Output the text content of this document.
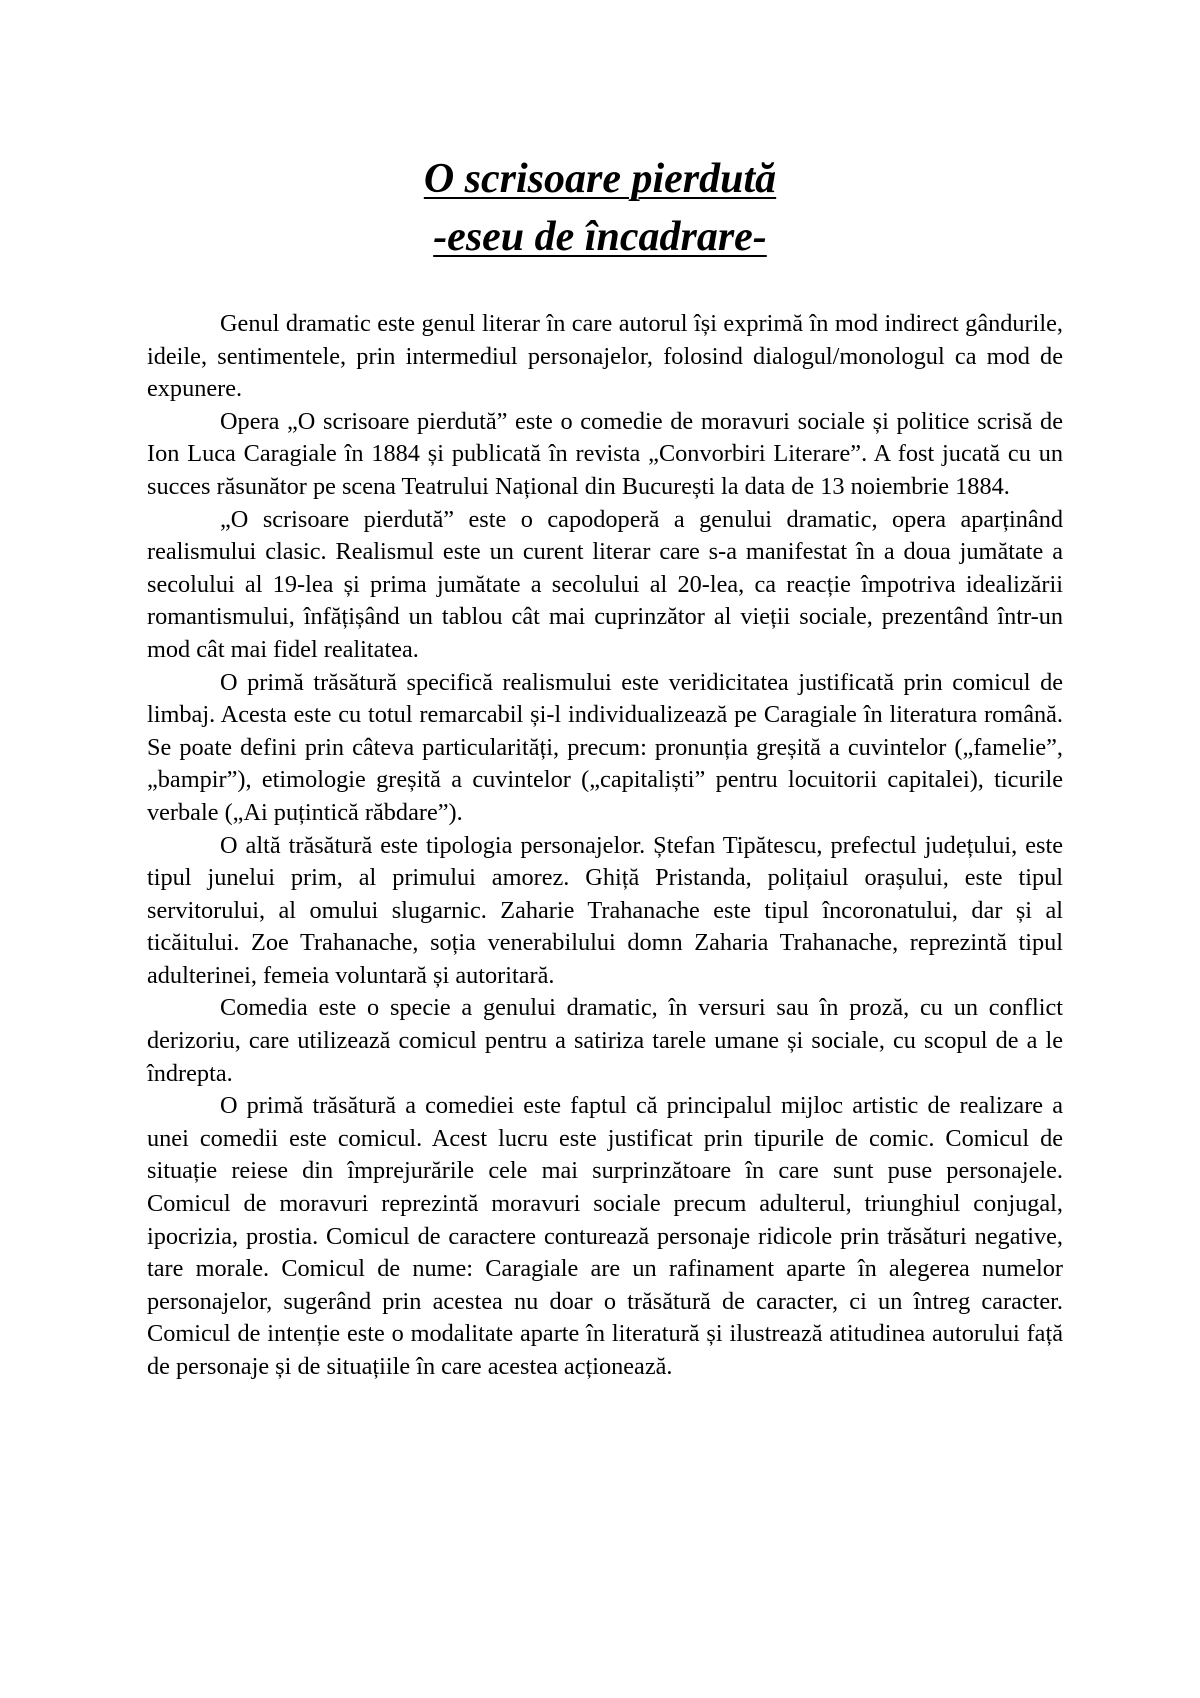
O scrisoare pierdută
-eseu de încadrare-

Genul dramatic este genul literar în care autorul își exprimă în mod indirect gândurile, ideile, sentimentele, prin intermediul personajelor, folosind dialogul/monologul ca mod de expunere.

Opera „O scrisoare pierdută” este o comedie de moravuri sociale și politice scrisă de Ion Luca Caragiale în 1884 și publicată în revista „Convorbiri Literare”. A fost jucată cu un succes răsunător pe scena Teatrului Național din București la data de 13 noiembrie 1884.

„O scrisoare pierdută” este o capodoperă a genului dramatic, opera aparținând realismului clasic. Realismul este un curent literar care s-a manifestat în a doua jumătate a secolului al 19-lea și prima jumătate a secolului al 20-lea, ca reacție împotriva idealizării romantismului, înfățișând un tablou cât mai cuprinzător al vieții sociale, prezentând într-un mod cât mai fidel realitatea.

O primă trăsătură specifică realismului este veridicitatea justificată prin comicul de limbaj. Acesta este cu totul remarcabil și-l individualizează pe Caragiale în literatura română. Se poate defini prin câteva particularități, precum: pronunția greșită a cuvintelor („famelie”, „bampir”), etimologie greșită a cuvintelor („capitaliști” pentru locuitorii capitalei), ticurile verbale („Ai puțintică răbdare”).

O altă trăsătură este tipologia personajelor. Ștefan Tipătescu, prefectul județului, este tipul junelui prim, al primului amorez. Ghiță Pristanda, polițaiul orașului, este tipul servitorului, al omului slugarnic. Zaharie Trahanache este tipul încoronatului, dar și al ticăitului. Zoe Trahanache, soția venerabilului domn Zaharia Trahanache, reprezintă tipul adulterinei, femeia voluntară și autoritară.

Comedia este o specie a genului dramatic, în versuri sau în proză, cu un conflict derizoriu, care utilizează comicul pentru a satiriza tarele umane și sociale, cu scopul de a le îndrepta.

O primă trăsătură a comediei este faptul că principalul mijloc artistic de realizare a unei comedii este comicul. Acest lucru este justificat prin tipurile de comic. Comicul de situație reiese din împrejurările cele mai surprinzătoare în care sunt puse personajele. Comicul de moravuri reprezintă moravuri sociale precum adulterul, triunghiul conjugal, ipocrizia, prostia. Comicul de caractere conturează personaje ridicole prin trăsături negative, tare morale. Comicul de nume: Caragiale are un rafinament aparte în alegerea numelor personajelor, sugerând prin acestea nu doar o trăsătură de caracter, ci un întreg caracter. Comicul de intenție este o modalitate aparte în literatură și ilustrează atitudinea autorului față de personaje și de situațiile în care acestea acționează.
